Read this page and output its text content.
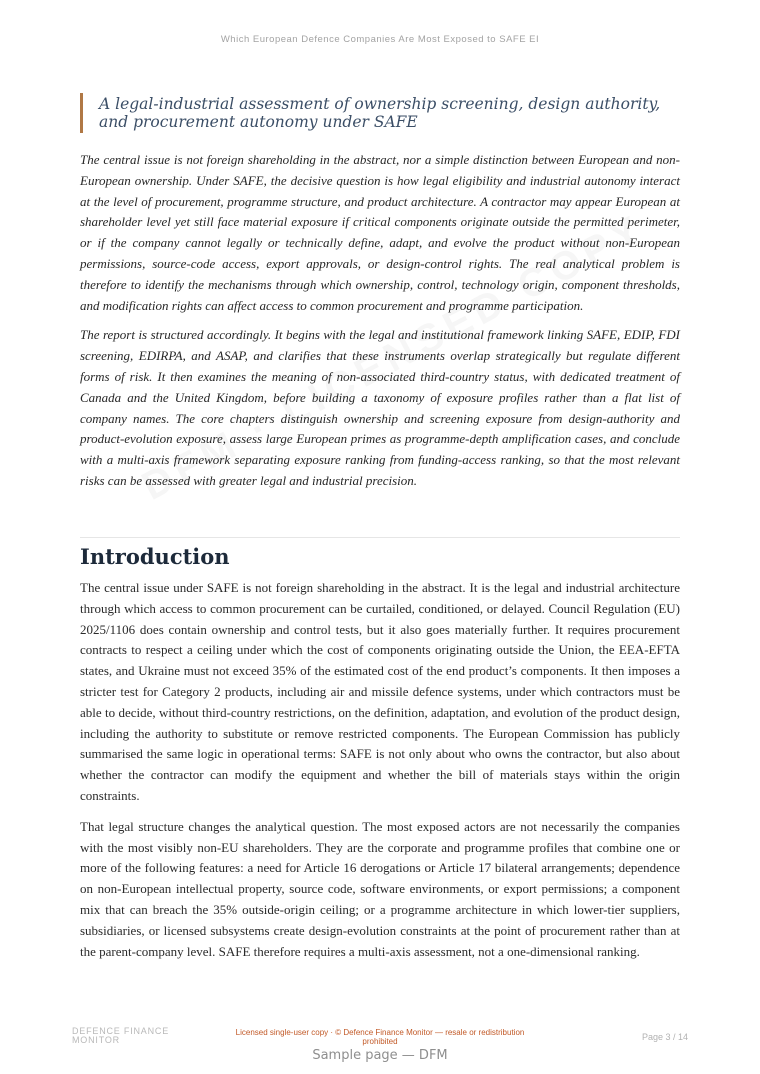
Which European Defence Companies Are Most Exposed to SAFE EI
A legal-industrial assessment of ownership screening, design authority, and procurement autonomy under SAFE

The central issue is not foreign shareholding in the abstract, nor a simple distinction between European and non-European ownership. Under SAFE, the decisive question is how legal eligibility and industrial autonomy interact at the level of procurement, programme structure, and product architecture. A contractor may appear European at shareholder level yet still face material exposure if critical components originate outside the permitted perimeter, or if the company cannot legally or technically define, adapt, and evolve the product without non-European permissions, source-code access, export approvals, or design-control rights. The real analytical problem is therefore to identify the mechanisms through which ownership, control, technology origin, component thresholds, and modification rights can affect access to common procurement and programme participation.

The report is structured accordingly. It begins with the legal and institutional framework linking SAFE, EDIP, FDI screening, EDIRPA, and ASAP, and clarifies that these instruments overlap strategically but regulate different forms of risk. It then examines the meaning of non-associated third-country status, with dedicated treatment of Canada and the United Kingdom, before building a taxonomy of exposure profiles rather than a flat list of company names. The core chapters distinguish ownership and screening exposure from design-authority and product-evolution exposure, assess large European primes as programme-depth amplification cases, and conclude with a multi-axis framework separating exposure ranking from funding-access ranking, so that the most relevant risks can be assessed with greater legal and industrial precision.

Introduction

The central issue under SAFE is not foreign shareholding in the abstract. It is the legal and industrial architecture through which access to common procurement can be curtailed, conditioned, or delayed. Council Regulation (EU) 2025/1106 does contain ownership and control tests, but it also goes materially further. It requires procurement contracts to respect a ceiling under which the cost of components originating outside the Union, the EEA-EFTA states, and Ukraine must not exceed 35% of the estimated cost of the end product’s components. It then imposes a stricter test for Category 2 products, including air and missile defence systems, under which contractors must be able to decide, without third-country restrictions, on the definition, adaptation, and evolution of the product design, including the authority to substitute or remove restricted components. The European Commission has publicly summarised the same logic in operational terms: SAFE is not only about who owns the contractor, but also about whether the contractor can modify the equipment and whether the bill of materials stays within the origin constraints.

That legal structure changes the analytical question. The most exposed actors are not necessarily the companies with the most visibly non-EU shareholders. They are the corporate and programme profiles that combine one or more of the following features: a need for Article 16 derogations or Article 17 bilateral arrangements; dependence on non-European intellectual property, source code, software environments, or export permissions; a component mix that can breach the 35% outside-origin ceiling; or a programme architecture in which lower-tier suppliers, subsidiaries, or licensed subsystems create design-evolution constraints at the point of procurement rather than at the parent-company level. SAFE therefore requires a multi-axis assessment, not a one-dimensional ranking.

DEFENCE FINANCE
MONITOR
Licensed single-user copy · © Defence Finance Monitor — resale or redistribution prohibited	Page 3 / 14
Sample page — DFM
